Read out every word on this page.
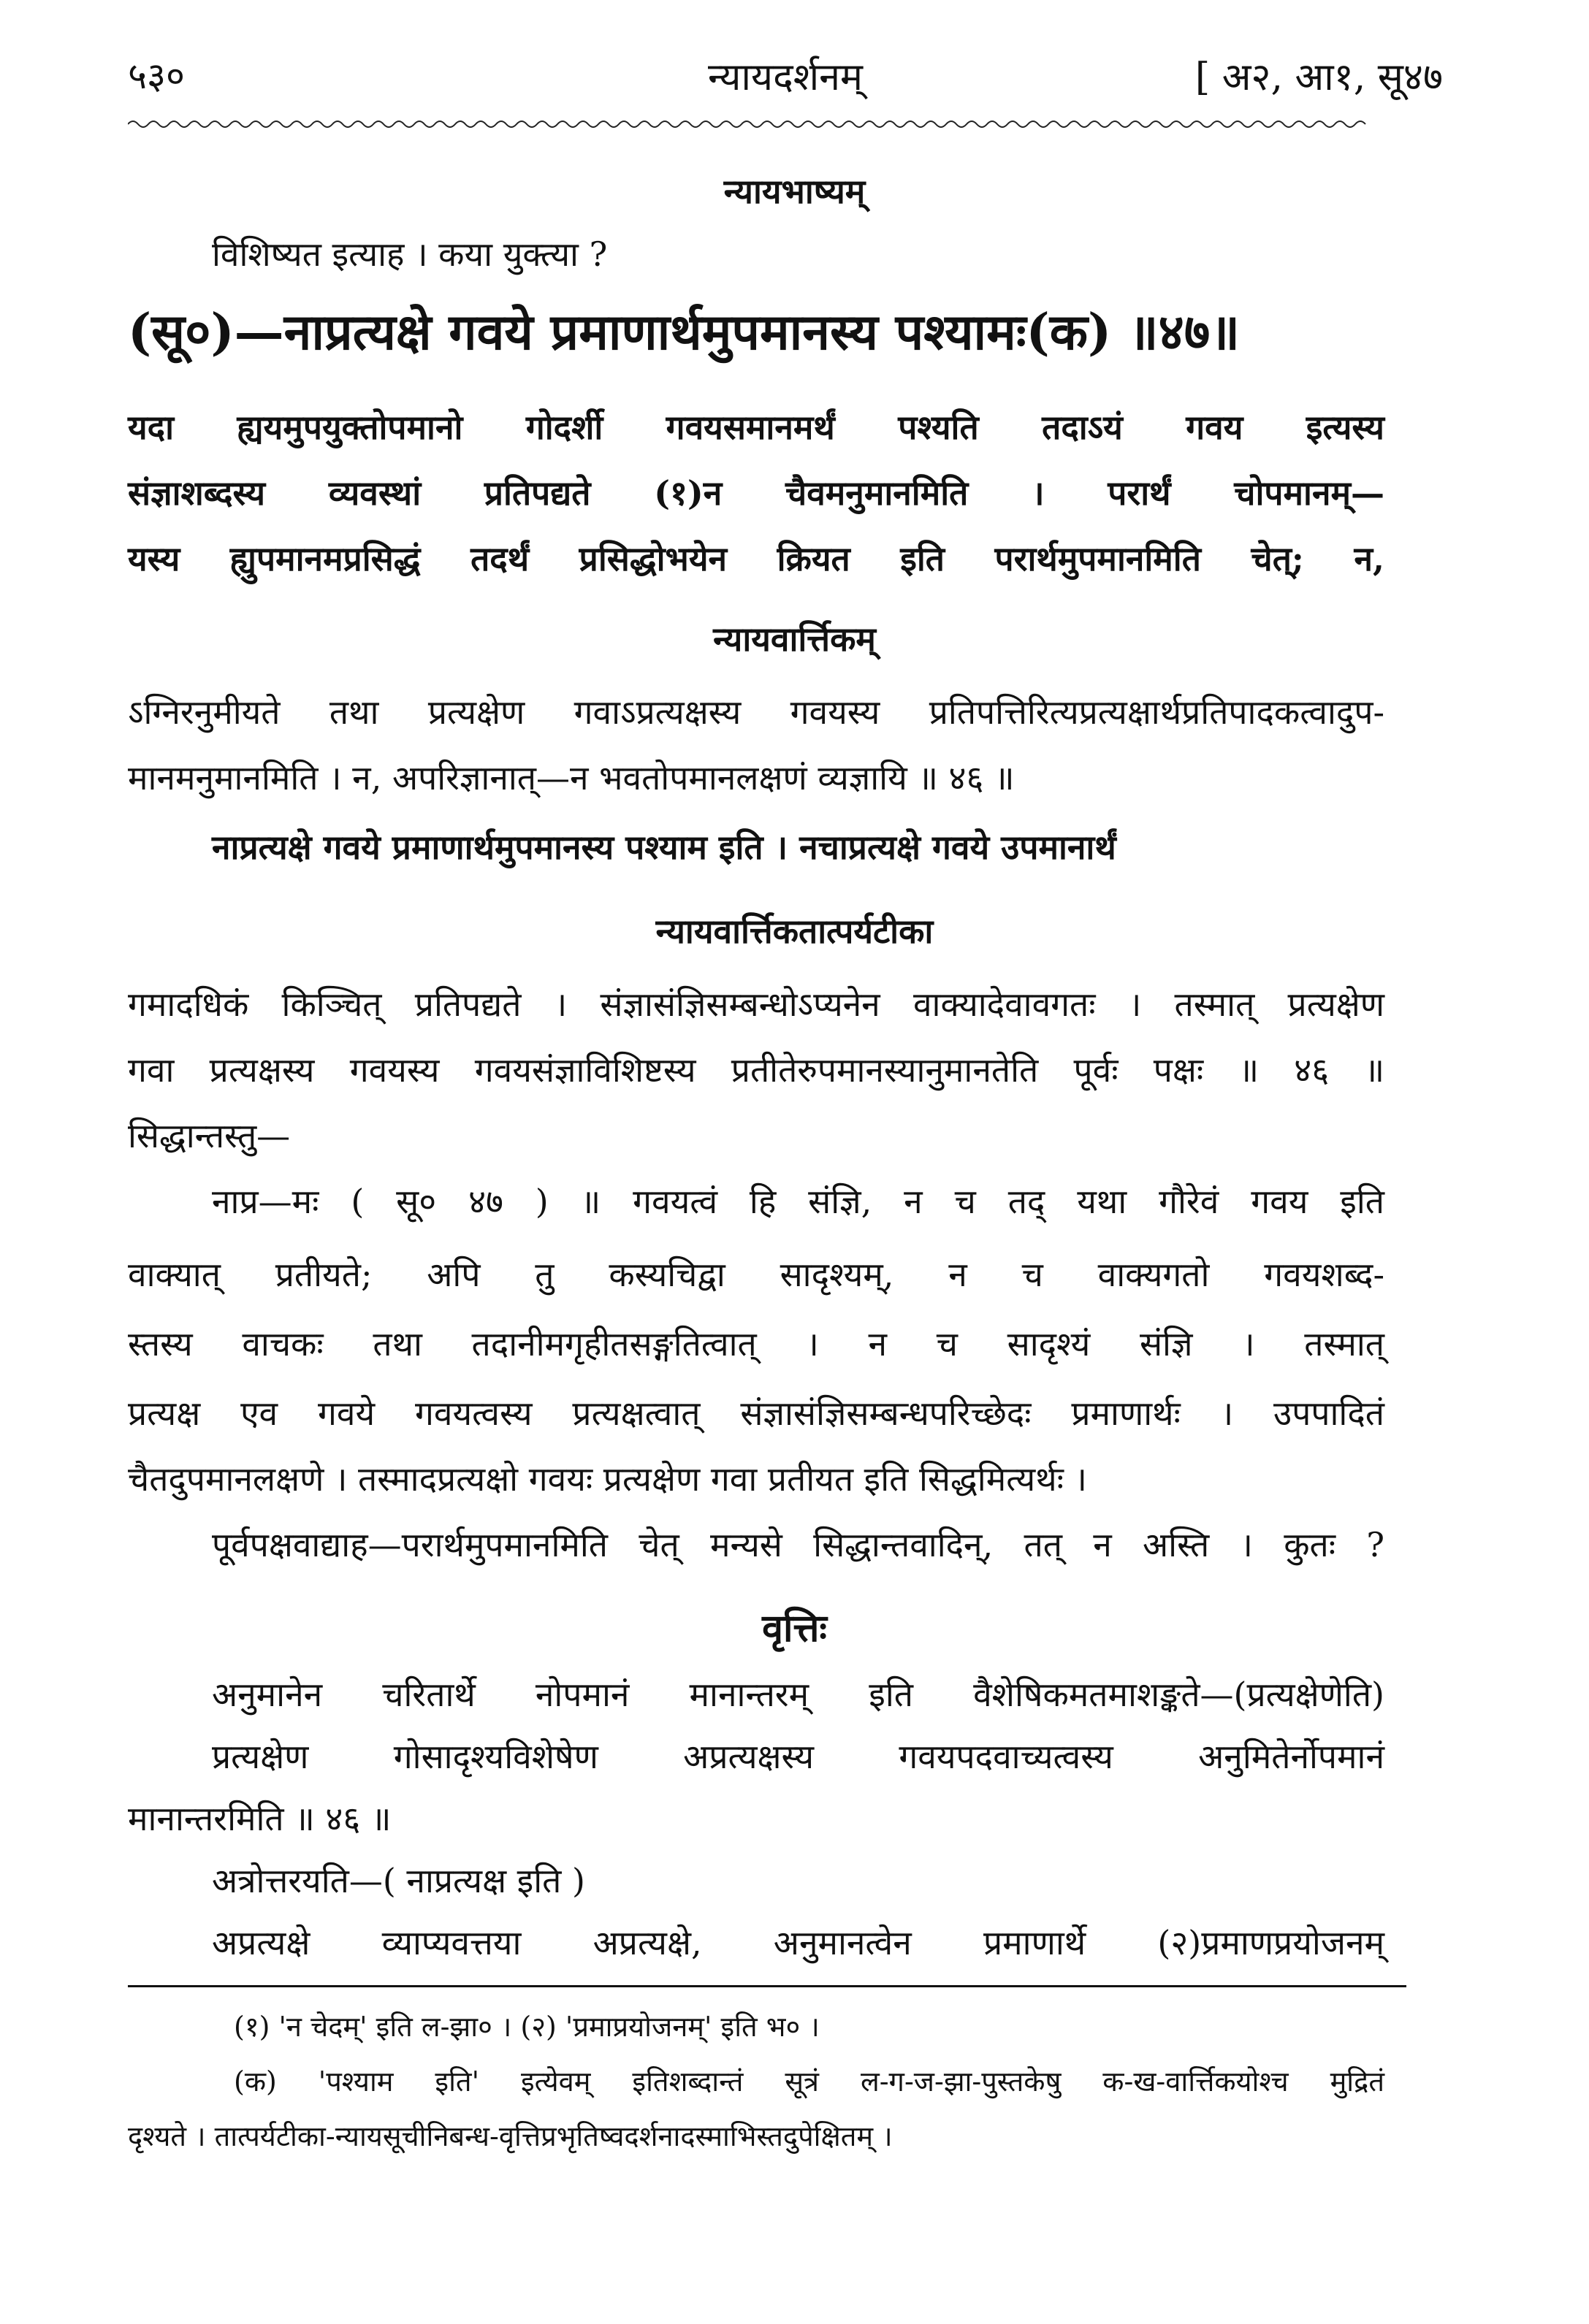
५३०	न्यायदर्शनम्	[ अ२, आ१, सू४७
न्यायभाष्यम्
विशिष्यत इत्याह । कया युक्त्या ?
(सू०)—नाप्रत्यक्षे गवये प्रमाणार्थमुपमानस्य पश्यामः(क) ॥४७॥
यदा ह्ययमुपयुक्तोपमानो गोदर्शी गवयसमानमर्थं पश्यति तदाऽयं गवय इत्यस्य
संज्ञाशब्दस्य व्यवस्थां प्रतिपद्यते (१)न चैवमनुमानमिति । परार्थं चोपमानम्—
यस्य ह्युपमानमप्रसिद्धं तदर्थं प्रसिद्धोभयेन क्रियत इति परार्थमुपमानमिति चेत्; न,
न्यायवार्त्तिकम्
ऽग्निरनुमीयते तथा प्रत्यक्षेण गवाऽप्रत्यक्षस्य गवयस्य प्रतिपत्तिरित्यप्रत्यक्षार्थप्रतिपादकत्वादुप-
मानमनुमानमिति । न, अपरिज्ञानात्—न भवतोपमानलक्षणं व्यज्ञायि ॥ ४६ ॥
नाप्रत्यक्षे गवये प्रमाणार्थमुपमानस्य पश्याम इति । नचाप्रत्यक्षे गवये उपमानार्थं
न्यायवार्त्तिकतात्पर्यटीका
गमादधिकं किञ्चित् प्रतिपद्यते । संज्ञासंज्ञिसम्बन्धोऽप्यनेन वाक्यादेवावगतः । तस्मात् प्रत्यक्षेण
गवा प्रत्यक्षस्य गवयस्य गवयसंज्ञाविशिष्टस्य प्रतीतेरुपमानस्यानुमानतेति पूर्वः पक्षः ॥ ४६ ॥
सिद्धान्तस्तु—
नाप्र—मः ( सू० ४७ ) ॥ गवयत्वं हि संज्ञि, न च तद् यथा गौरेवं गवय इति
वाक्यात् प्रतीयते; अपि तु कस्यचिद्वा सादृश्यम्, न च वाक्यगतो गवयशब्द-
स्तस्य वाचकः तथा तदानीमगृहीतसङ्गतित्वात् । न च सादृश्यं संज्ञि । तस्मात्
प्रत्यक्ष एव गवये गवयत्वस्य प्रत्यक्षत्वात् संज्ञासंज्ञिसम्बन्धपरिच्छेदः प्रमाणार्थः । उपपादितं
चैतदुपमानलक्षणे । तस्मादप्रत्यक्षो गवयः प्रत्यक्षेण गवा प्रतीयत इति सिद्धमित्यर्थः ।
पूर्वपक्षवाद्याह—परार्थमुपमानमिति चेत् मन्यसे सिद्धान्तवादिन्, तत् न अस्ति । कुतः ?
वृत्तिः
अनुमानेन चरितार्थे नोपमानं मानान्तरम् इति वैशेषिकमतमाशङ्कते—(प्रत्यक्षेणेति)
प्रत्यक्षेण गोसादृश्यविशेषेण अप्रत्यक्षस्य गवयपदवाच्यत्वस्य अनुमितेर्नोपमानं
मानान्तरमिति ॥ ४६ ॥
अत्रोत्तरयति—( नाप्रत्यक्ष इति )
अप्रत्यक्षे व्याप्यवत्तया अप्रत्यक्षे, अनुमानत्वेन प्रमाणार्थे (२)प्रमाणप्रयोजनम्
(१) 'न चेदम्' इति ल-झा० । (२) 'प्रमाप्रयोजनम्' इति भ० ।
(क) 'पश्याम इति' इत्येवम् इतिशब्दान्तं सूत्रं ल-ग-ज-झा-पुस्तकेषु क-ख-वार्त्तिकयोश्च मुद्रितं
दृश्यते । तात्पर्यटीका-न्यायसूचीनिबन्ध-वृत्तिप्रभृतिष्वदर्शनादस्माभिस्तदुपेक्षितम् ।
